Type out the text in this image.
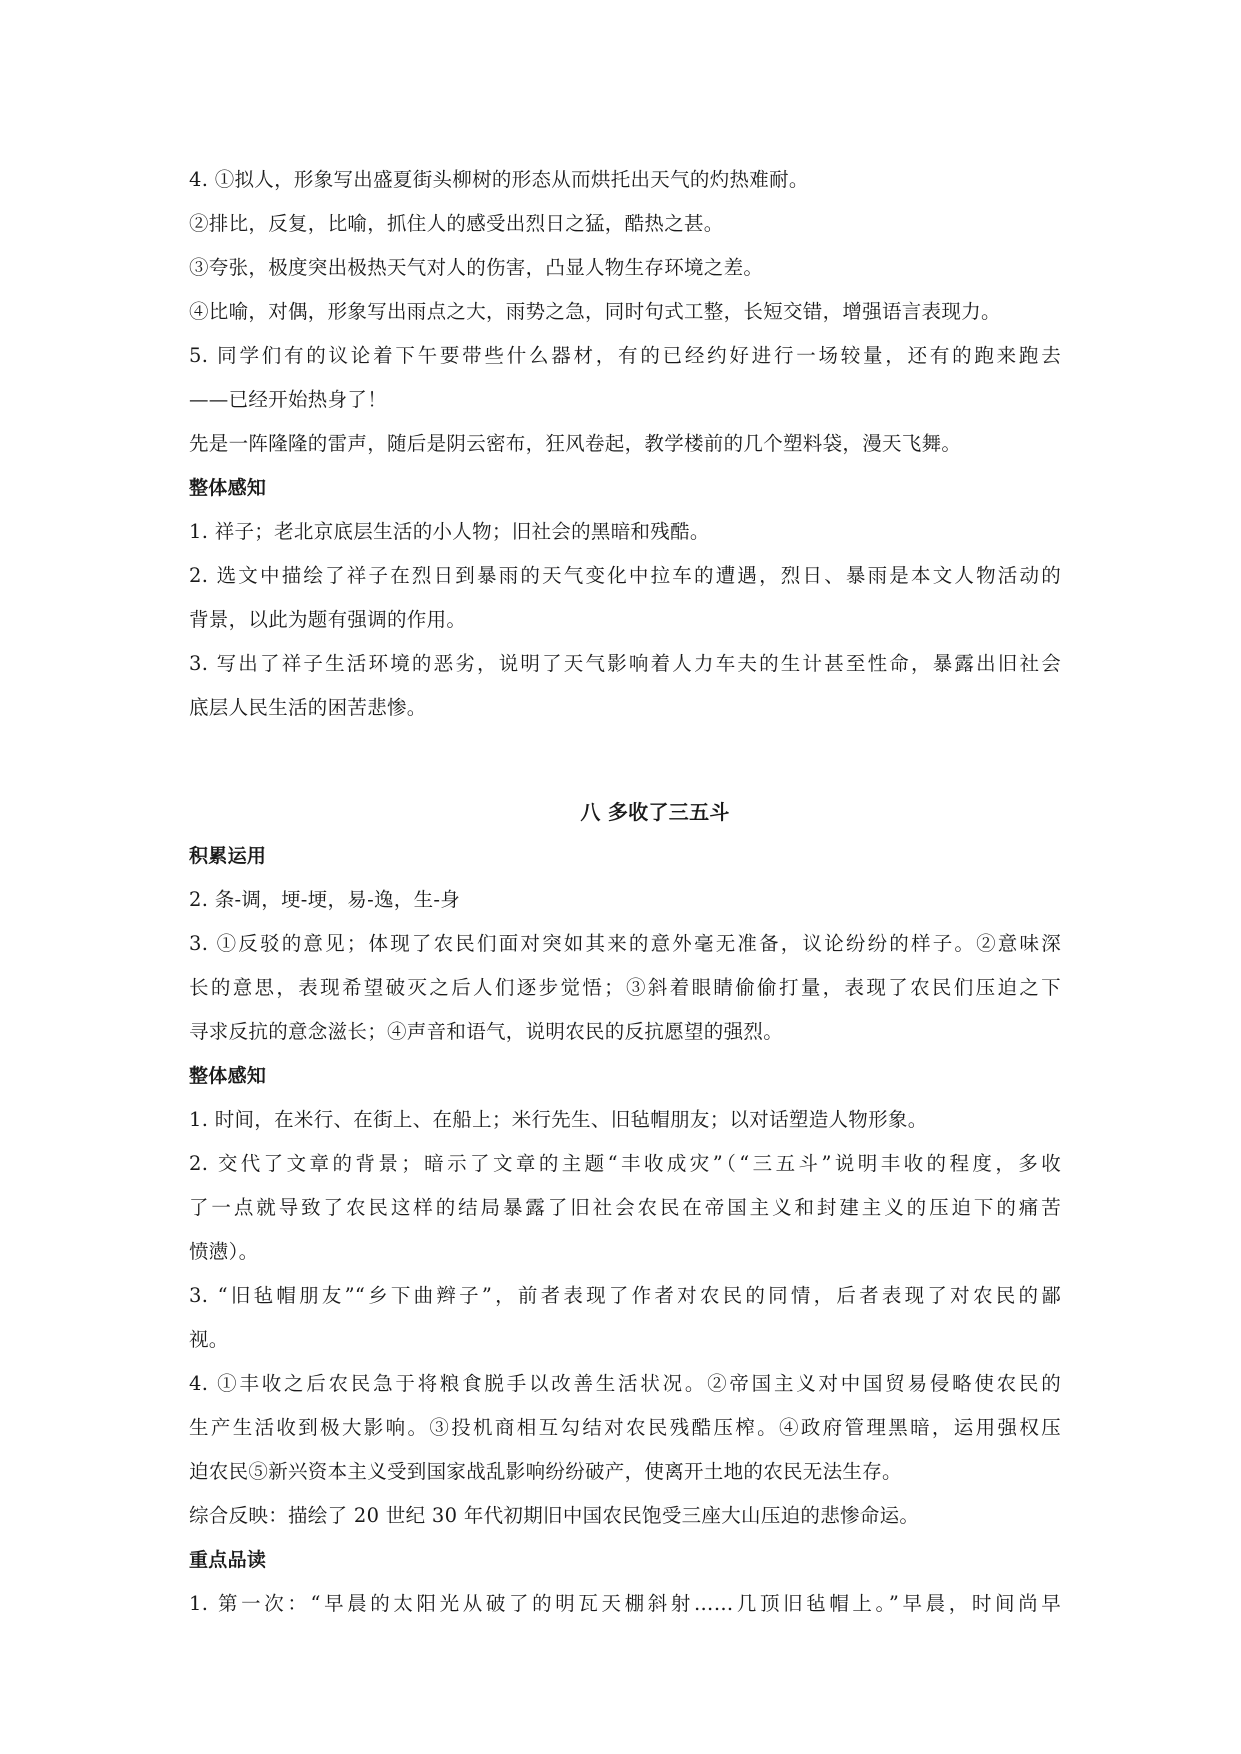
4. ①拟人，形象写出盛夏街头柳树的形态从而烘托出天气的灼热难耐。
②排比，反复，比喻，抓住人的感受出烈日之猛，酷热之甚。
③夸张，极度突出极热天气对人的伤害，凸显人物生存环境之差。
④比喻，对偶，形象写出雨点之大，雨势之急，同时句式工整，长短交错，增强语言表现力。
5. 同学们有的议论着下午要带些什么器材，有的已经约好进行一场较量，还有的跑来跑去
——已经开始热身了！
先是一阵隆隆的雷声，随后是阴云密布，狂风卷起，教学楼前的几个塑料袋，漫天飞舞。
整体感知
1. 祥子；老北京底层生活的小人物；旧社会的黑暗和残酷。
2. 选文中描绘了祥子在烈日到暴雨的天气变化中拉车的遭遇，烈日、暴雨是本文人物活动的
背景，以此为题有强调的作用。
3. 写出了祥子生活环境的恶劣，说明了天气影响着人力车夫的生计甚至性命，暴露出旧社会
底层人民生活的困苦悲惨。
八 多收了三五斗
积累运用
2. 条-调，埂-埂，易-逸，生-身
3. ①反驳的意见；体现了农民们面对突如其来的意外毫无准备，议论纷纷的样子。②意味深
长的意思，表现希望破灭之后人们逐步觉悟；③斜着眼睛偷偷打量，表现了农民们压迫之下
寻求反抗的意念滋长；④声音和语气，说明农民的反抗愿望的强烈。
整体感知
1. 时间，在米行、在街上、在船上；米行先生、旧毡帽朋友；以对话塑造人物形象。
2. 交代了文章的背景；暗示了文章的主题“丰收成灾”（“三五斗”说明丰收的程度，多收
了一点就导致了农民这样的结局暴露了旧社会农民在帝国主义和封建主义的压迫下的痛苦
愤懑）。
3. “旧毡帽朋友”“乡下曲辫子”，前者表现了作者对农民的同情，后者表现了对农民的鄙
视。
4. ①丰收之后农民急于将粮食脱手以改善生活状况。②帝国主义对中国贸易侵略使农民的
生产生活收到极大影响。③投机商相互勾结对农民残酷压榨。④政府管理黑暗，运用强权压
迫农民⑤新兴资本主义受到国家战乱影响纷纷破产，使离开土地的农民无法生存。
综合反映：描绘了 20 世纪 30 年代初期旧中国农民饱受三座大山压迫的悲惨命运。
重点品读
1. 第一次：“早晨的太阳光从破了的明瓦天棚斜射……几顶旧毡帽上。”早晨，时间尚早
